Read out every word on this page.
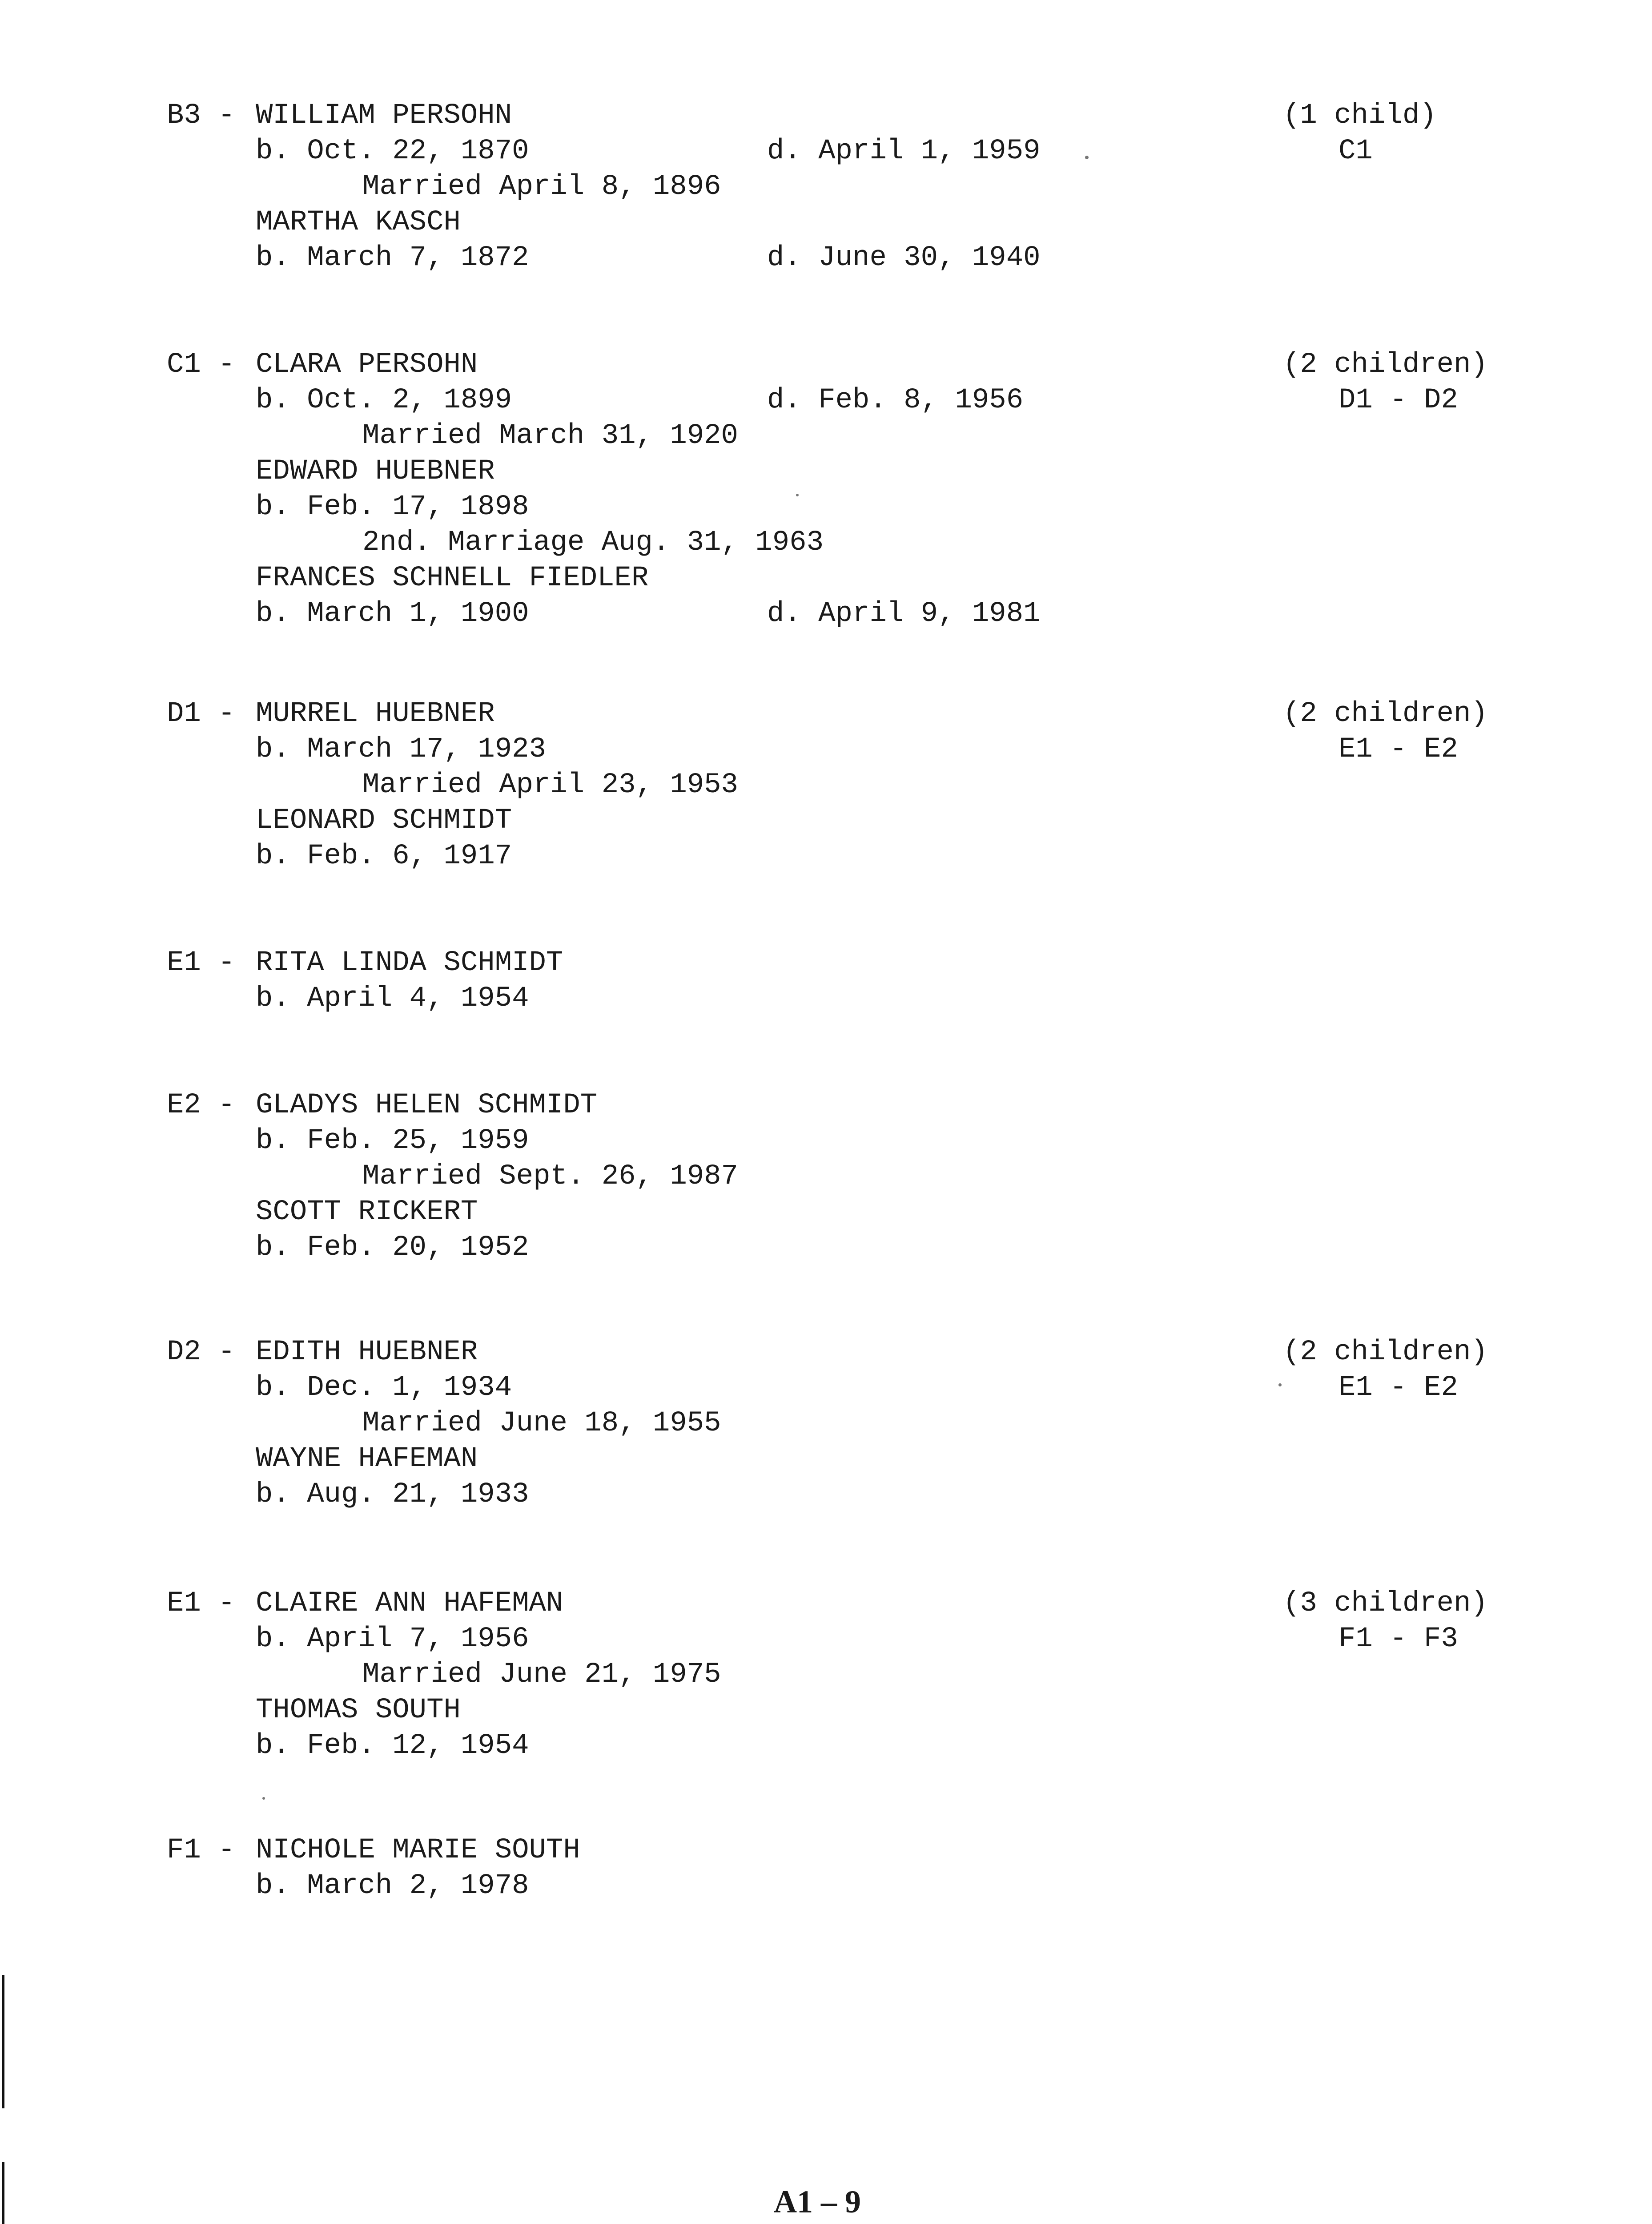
B3 - WILLIAM PERSOHN	(1 child)
b. Oct. 22, 1870	d. April 1, 1959	C1
Married April 8, 1896
MARTHA KASCH
b. March 7, 1872	d. June 30, 1940
C1 - CLARA PERSOHN	(2 children)
b. Oct. 2, 1899	d. Feb. 8, 1956	D1 - D2
Married March 31, 1920
EDWARD HUEBNER
b. Feb. 17, 1898
2nd. Marriage Aug. 31, 1963
FRANCES SCHNELL FIEDLER
b. March 1, 1900	d. April 9, 1981
D1 - MURREL HUEBNER	(2 children)
b. March 17, 1923	E1 - E2
Married April 23, 1953
LEONARD SCHMIDT
b. Feb. 6, 1917
E1 - RITA LINDA SCHMIDT
b. April 4, 1954
E2 - GLADYS HELEN SCHMIDT
b. Feb. 25, 1959
Married Sept. 26, 1987
SCOTT RICKERT
b. Feb. 20, 1952
D2 - EDITH HUEBNER	(2 children)
b. Dec. 1, 1934	E1 - E2
Married June 18, 1955
WAYNE HAFEMAN
b. Aug. 21, 1933
E1 - CLAIRE ANN HAFEMAN	(3 children)
b. April 7, 1956	F1 - F3
Married June 21, 1975
THOMAS SOUTH
b. Feb. 12, 1954
F1 - NICHOLE MARIE SOUTH
b. March 2, 1978
A1 – 9
